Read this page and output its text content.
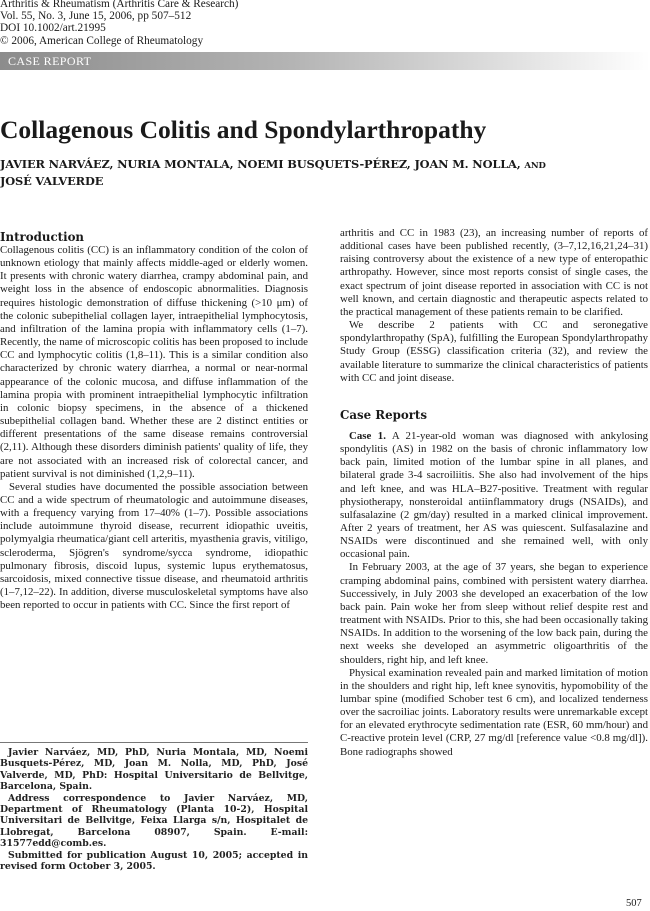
Arthritis & Rheumatism (Arthritis Care & Research)
Vol. 55, No. 3, June 15, 2006, pp 507–512
DOI 10.1002/art.21995
© 2006, American College of Rheumatology
CASE REPORT
Collagenous Colitis and Spondylarthropathy
JAVIER NARVÁEZ, NURIA MONTALA, NOEMI BUSQUETS-PÉREZ, JOAN M. NOLLA, AND
JOSÉ VALVERDE
Introduction

Collagenous colitis (CC) is an inflammatory condition of the colon of unknown etiology that mainly affects middle-aged or elderly women. It presents with chronic watery diarrhea, crampy abdominal pain, and weight loss in the absence of endoscopic abnormalities. Diagnosis requires histologic demonstration of diffuse thickening (>10 μm) of the colonic subepithelial collagen layer, intraepithelial lymphocytosis, and infiltration of the lamina propia with inflammatory cells (1–7). Recently, the name of microscopic colitis has been proposed to include CC and lymphocytic colitis (1,8–11). This is a similar condition also characterized by chronic watery diarrhea, a normal or near-normal appearance of the colonic mucosa, and diffuse inflammation of the lamina propia with prominent intraepithelial lymphocytic infiltration in colonic biopsy specimens, in the absence of a thickened subepithelial collagen band. Whether these are 2 distinct entities or different presentations of the same disease remains controversial (2,11). Although these disorders diminish patients' quality of life, they are not associated with an increased risk of colorectal cancer, and patient survival is not diminished (1,2,9–11).

Several studies have documented the possible association between CC and a wide spectrum of rheumatologic and autoimmune diseases, with a frequency varying from 17–40% (1–7). Possible associations include autoimmune thyroid disease, recurrent idiopathic uveitis, polymyalgia rheumatica/giant cell arteritis, myasthenia gravis, vitiligo, scleroderma, Sjögren's syndrome/sycca syndrome, idiopathic pulmonary fibrosis, discoid lupus, systemic lupus erythematosus, sarcoidosis, mixed connective tissue disease, and rheumatoid arthritis (1–7,12–22). In addition, diverse musculoskeletal symptoms have also been reported to occur in patients with CC. Since the first report of

Javier Narváez, MD, PhD, Nuria Montala, MD, Noemi Busquets-Pérez, MD, Joan M. Nolla, MD, PhD, José Valverde, MD, PhD: Hospital Universitario de Bellvitge, Barcelona, Spain.

Address correspondence to Javier Narváez, MD, Department of Rheumatology (Planta 10-2), Hospital Universitari de Bellvitge, Feixa Llarga s/n, Hospitalet de Llobregat, Barcelona 08907, Spain. E-mail: 31577edd@comb.es.

Submitted for publication August 10, 2005; accepted in revised form October 3, 2005.

arthritis and CC in 1983 (23), an increasing number of reports of additional cases have been published recently, (3–7,12,16,21,24–31) raising controversy about the existence of a new type of enteropathic arthropathy. However, since most reports consist of single cases, the exact spectrum of joint disease reported in association with CC is not well known, and certain diagnostic and therapeutic aspects related to the practical management of these patients remain to be clarified.

We describe 2 patients with CC and seronegative spondylarthropathy (SpA), fulfilling the European Spondylarthropathy Study Group (ESSG) classification criteria (32), and review the available literature to summarize the clinical characteristics of patients with CC and joint disease.

Case Reports

Case 1. A 21-year-old woman was diagnosed with ankylosing spondylitis (AS) in 1982 on the basis of chronic inflammatory low back pain, limited motion of the lumbar spine in all planes, and bilateral grade 3-4 sacroiliitis. She also had involvement of the hips and left knee, and was HLA–B27-positive. Treatment with regular physiotherapy, nonsteroidal antiinflammatory drugs (NSAIDs), and sulfasalazine (2 gm/day) resulted in a marked clinical improvement. After 2 years of treatment, her AS was quiescent. Sulfasalazine and NSAIDs were discontinued and she remained well, with only occasional pain.

In February 2003, at the age of 37 years, she began to experience cramping abdominal pains, combined with persistent watery diarrhea. Successively, in July 2003 she developed an exacerbation of the low back pain. Pain woke her from sleep without relief despite rest and treatment with NSAIDs. Prior to this, she had been occasionally taking NSAIDs. In addition to the worsening of the low back pain, during the next weeks she developed an asymmetric oligoarthritis of the shoulders, right hip, and left knee.

Physical examination revealed pain and marked limitation of motion in the shoulders and right hip, left knee synovitis, hypomobility of the lumbar spine (modified Schober test 6 cm), and localized tenderness over the sacroiliac joints. Laboratory results were unremarkable except for an elevated erythrocyte sedimentation rate (ESR, 60 mm/hour) and C-reactive protein level (CRP, 27 mg/dl [reference value <0.8 mg/dl]). Bone radiographs showed

507
